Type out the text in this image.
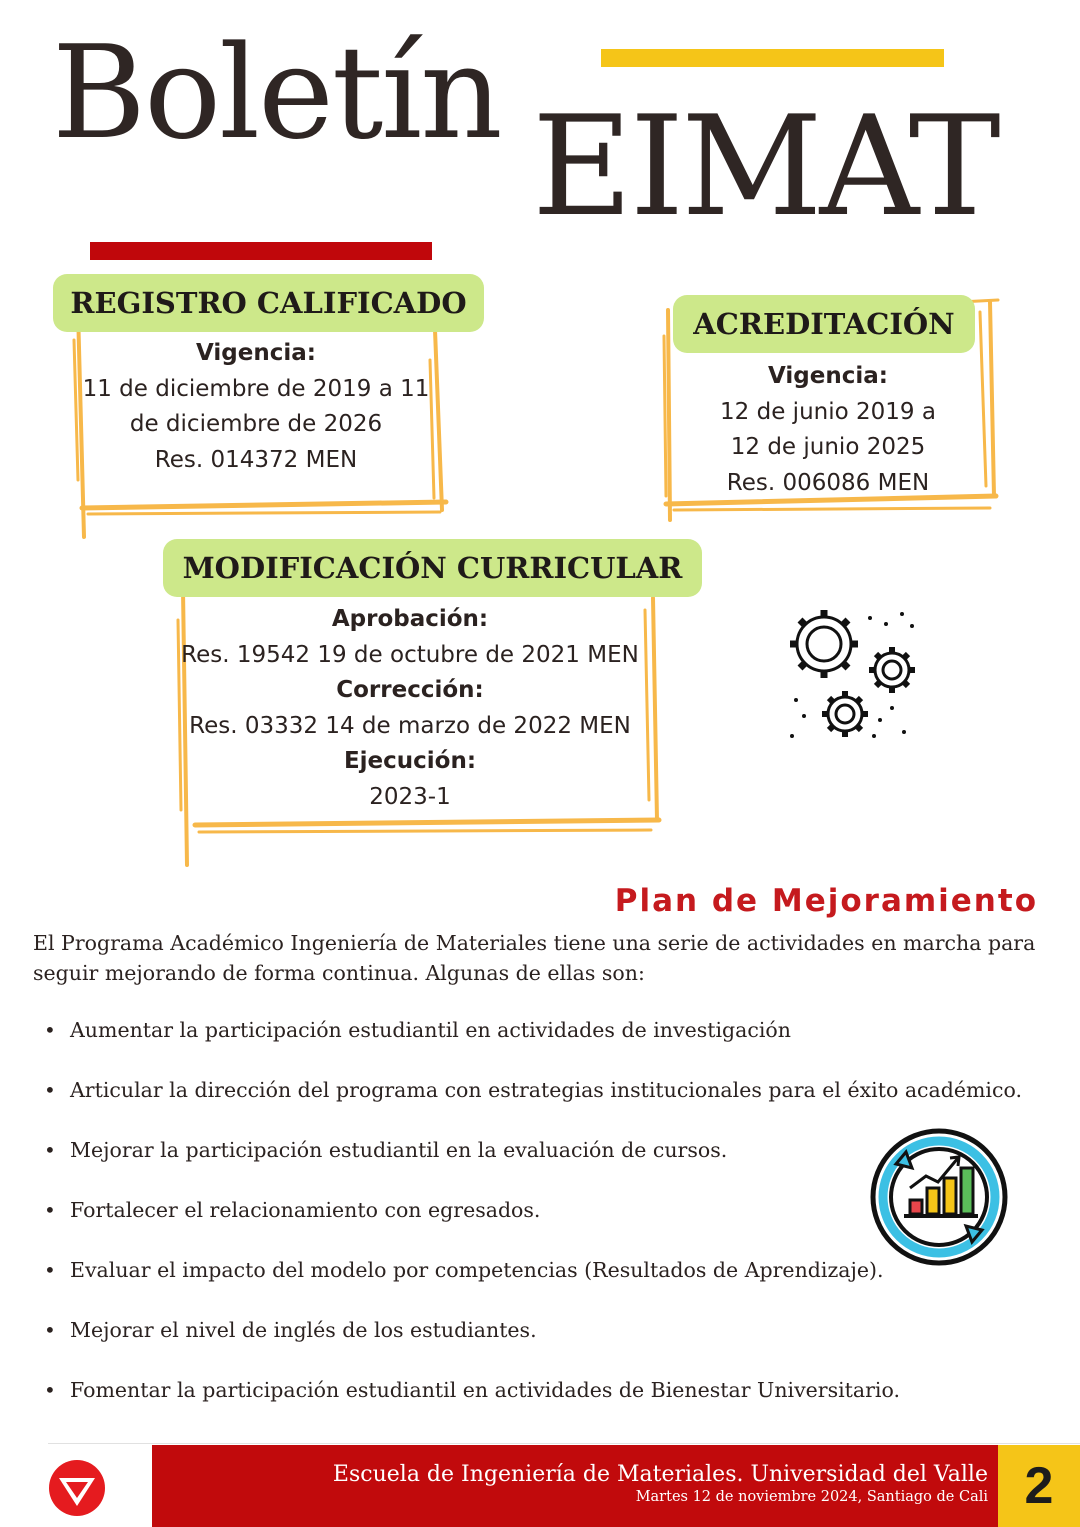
Boletín EIMAT
REGISTRO CALIFICADO
Vigencia:
11 de diciembre de 2019 a 11
de diciembre de 2026
Res. 014372 MEN
ACREDITACIÓN
Vigencia:
12 de junio 2019 a
12 de junio 2025
Res. 006086 MEN
MODIFICACIÓN CURRICULAR
Aprobación:
Res. 19542 19 de octubre de 2021 MEN
Corrección:
Res. 03332 14 de marzo de 2022 MEN
Ejecución:
2023-1
Plan de Mejoramiento
El Programa Académico Ingeniería de Materiales tiene una serie de actividades en marcha para seguir mejorando de forma continua. Algunas de ellas son:
• Aumentar la participación estudiantil en actividades de investigación
• Articular la dirección del programa con estrategias institucionales para el éxito académico.
• Mejorar la participación estudiantil en la evaluación de cursos.
• Fortalecer el relacionamiento con egresados.
• Evaluar el impacto del modelo por competencias (Resultados de Aprendizaje).
• Mejorar el nivel de inglés de los estudiantes.
• Fomentar la participación estudiantil en actividades de Bienestar Universitario.
Escuela de Ingeniería de Materiales. Universidad del Valle
Martes 12 de noviembre 2024, Santiago de Cali 2
